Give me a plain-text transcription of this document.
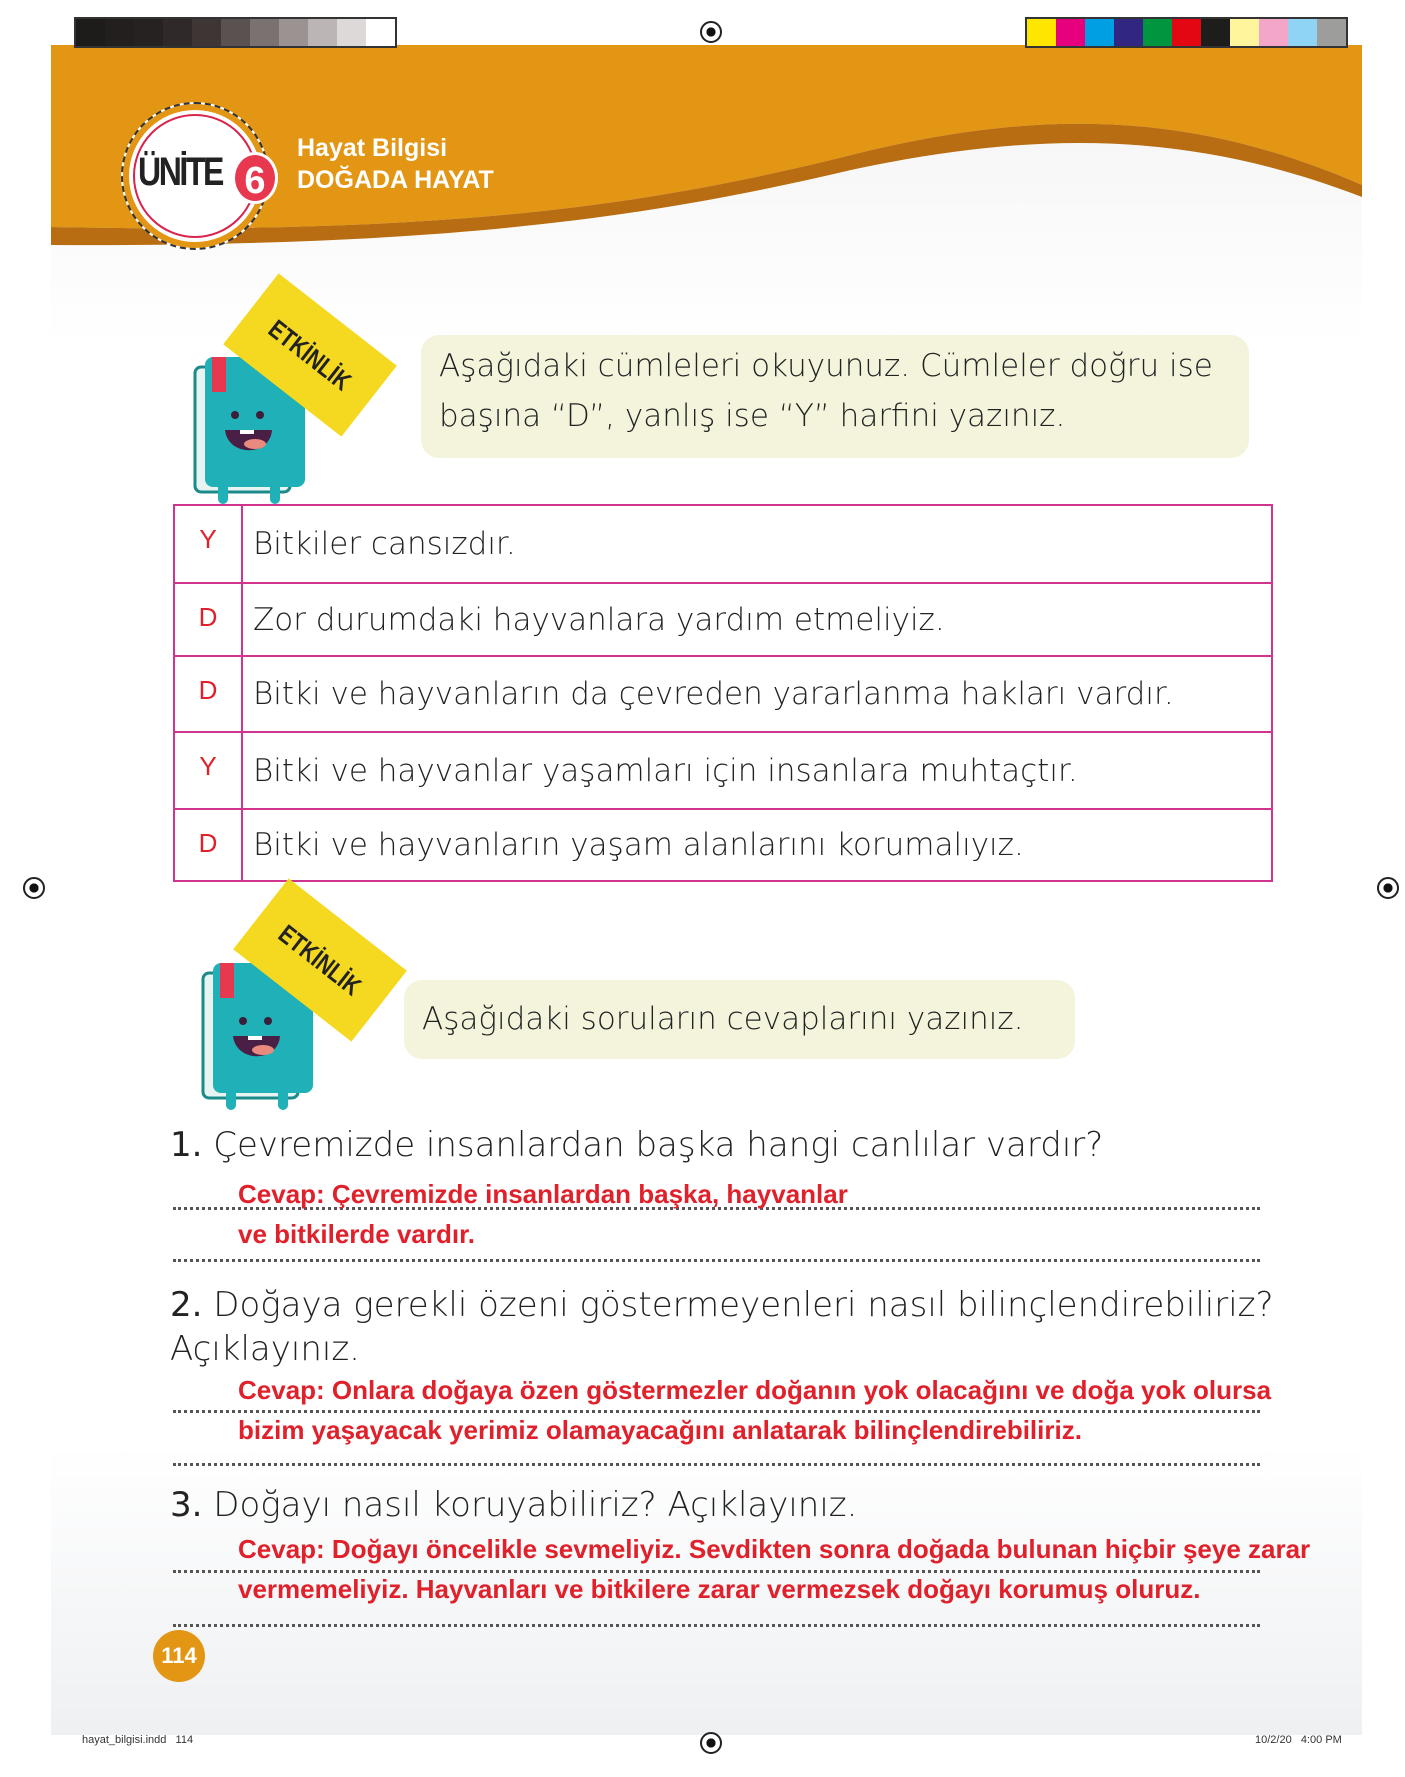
ÜNİTE 6
Hayat Bilgisi
DOĞADA HAYAT
ETKİNLİK	Aşağıdaki cümleleri okuyunuz. Cümleler doğru ise başına “D”, yanlış ise “Y” harfini yazınız.
Y	Bitkiler cansızdır.
D	Zor durumdaki hayvanlara yardım etmeliyiz.
D	Bitki ve hayvanların da çevreden yararlanma hakları vardır.
Y	Bitki ve hayvanlar yaşamları için insanlara muhtaçtır.
D	Bitki ve hayvanların yaşam alanlarını korumalıyız.
ETKİNLİK
Aşağıdaki soruların cevaplarını yazınız.
1. Çevremizde insanlardan başka hangi canlılar vardır?
Cevap: Çevremizde insanlardan başka, hayvanlar
ve bitkilerde vardır.
2. Doğaya gerekli özeni göstermeyenleri nasıl bilinçlendirebiliriz?
Açıklayınız.
Cevap: Onlara doğaya özen göstermezler doğanın yok olacağını ve doğa yok olursa
bizim yaşayacak yerimiz olamayacağını anlatarak bilinçlendirebiliriz.
3. Doğayı nasıl koruyabiliriz? Açıklayınız.
Cevap: Doğayı öncelikle sevmeliyiz. Sevdikten sonra doğada bulunan hiçbir şeye zarar
vermemeliyiz. Hayvanları ve bitkilere zarar vermezsek doğayı korumuş oluruz.
114
hayat_bilgisi.indd   114	10/2/20   4:00 PM
